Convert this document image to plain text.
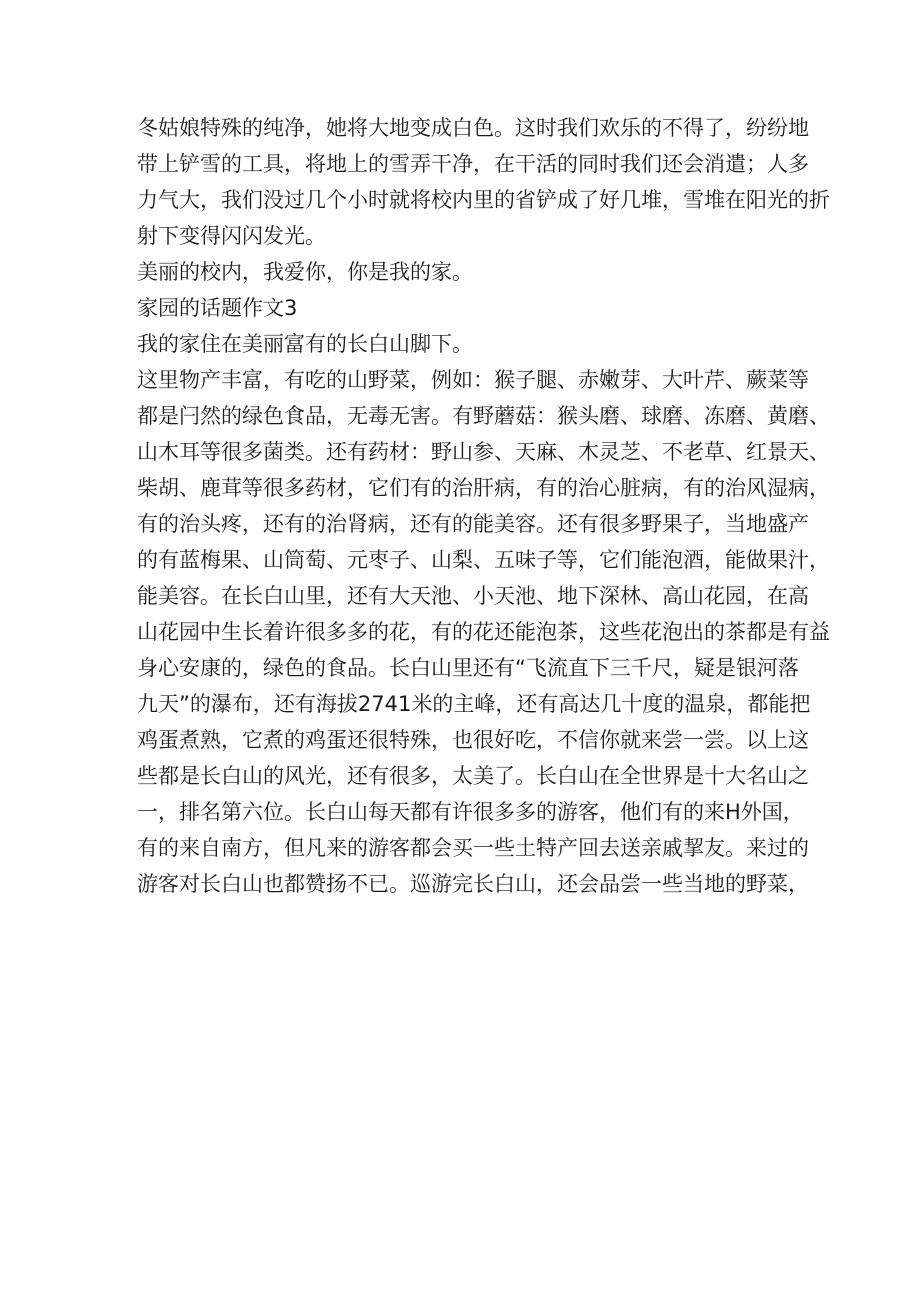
冬姑娘特殊的纯净，她将大地变成白色。这时我们欢乐的不得了，纷纷地

带上铲雪的工具，将地上的雪弄干净，在干活的同时我们还会消遣；人多

力气大，我们没过几个小时就将校内里的省铲成了好几堆，雪堆在阳光的折

射下变得闪闪发光。

美丽的校内，我爱你，你是我的家。

家园的话题作文3

我的家住在美丽富有的长白山脚下。

这里物产丰富，有吃的山野菜，例如：猴子腿、赤嫩芽、大叶芹、蕨菜等

都是闩然的绿色食品，无毒无害。有野蘑菇：猴头磨、球磨、冻磨、黄磨、

山木耳等很多菌类。还有药材：野山参、天麻、木灵芝、不老草、红景天、

柴胡、鹿茸等很多药材，它们有的治肝病，有的治心脏病，有的治风湿病，

有的治头疼，还有的治肾病，还有的能美容。还有很多野果子，当地盛产

的有蓝梅果、山筒萄、元枣子、山梨、五味子等，它们能泡酒，能做果汁，

能美容。在长白山里，还有大天池、小天池、地下深林、高山花园，在高

山花园中生长着许很多多的花，有的花还能泡茶，这些花泡出的茶都是有益

身心安康的，绿色的食品。长白山里还有“飞流直下三千尺，疑是银河落

九天”的瀑布，还有海拔2741米的主峰，还有高达几十度的温泉，都能把

鸡蛋煮熟，它煮的鸡蛋还很特殊，也很好吃，不信你就来尝一尝。以上这

些都是长白山的风光，还有很多，太美了。长白山在全世界是十大名山之

一，排名第六位。长白山每天都有许很多多的游客，他们有的来H外国，

有的来自南方，但凡来的游客都会买一些土特产回去送亲戚挈友。来过的

游客对长白山也都赞扬不已。巡游完长白山，还会品尝一些当地的野菜，
